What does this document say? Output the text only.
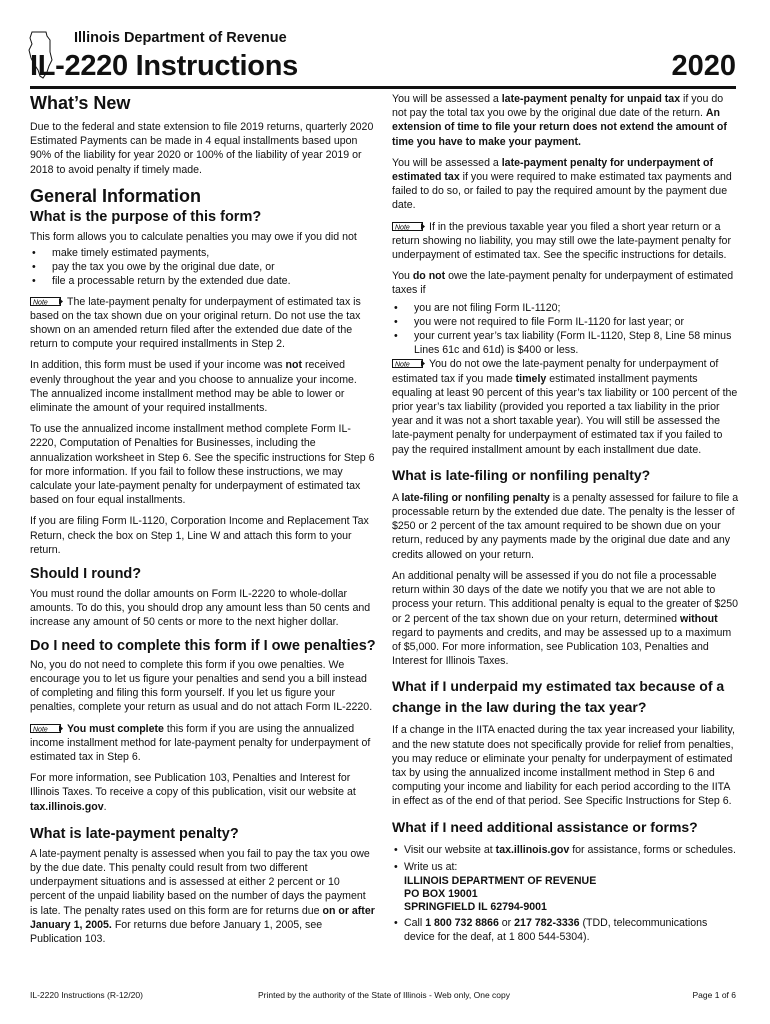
Illinois Department of Revenue
IL-2220 Instructions	2020
What’s New

Due to the federal and state extension to file 2019 returns, quarterly 2020 Estimated Payments can be made in 4 equal installments based upon 90% of the liability for year 2020 or 100% of the liability of year 2019 or 2018 to avoid penalty if timely made.

General Information
What is the purpose of this form?

This form allows you to calculate penalties you may owe if you did not

• make timely estimated payments,
• pay the tax you owe by the original due date, or
• file a processable return by the extended due date.

Note The late-payment penalty for underpayment of estimated tax is based on the tax shown due on your original return. Do not use the tax shown on an amended return filed after the extended due date of the return to compute your required installments in Step 2.

In addition, this form must be used if your income was not received evenly throughout the year and you choose to annualize your income. The annualized income installment method may be able to lower or eliminate the amount of your required installments.

To use the annualized income installment method complete Form IL-2220, Computation of Penalties for Businesses, including the annualization worksheet in Step 6. See the specific instructions for Step 6 for more information. If you fail to follow these instructions, we may calculate your late-payment penalty for underpayment of estimated tax based on four equal installments.

If you are filing Form IL-1120, Corporation Income and Replacement Tax Return, check the box on Step 1, Line W and attach this form to your return.

Should I round?

You must round the dollar amounts on Form IL-2220 to whole-dollar amounts. To do this, you should drop any amount less than 50 cents and increase any amount of 50 cents or more to the next higher dollar.

Do I need to complete this form if I owe penalties?

No, you do not need to complete this form if you owe penalties. We encourage you to let us figure your penalties and send you a bill instead of completing and filing this form yourself. If you let us figure your penalties, complete your return as usual and do not attach Form IL-2220.

Note You must complete this form if you are using the annualized income installment method for late-payment penalty for underpayment of estimated tax in Step 6.

For more information, see Publication 103, Penalties and Interest for Illinois Taxes. To receive a copy of this publication, visit our website at tax.illinois.gov.

What is late-payment penalty?

A late-payment penalty is assessed when you fail to pay the tax you owe by the due date. This penalty could result from two different underpayment situations and is assessed at either 2 percent or 10 percent of the unpaid liability based on the number of days the payment is late. The penalty rates used on this form are for returns due on or after January 1, 2005. For returns due before January 1, 2005, see Publication 103.

You will be assessed a late-payment penalty for unpaid tax if you do not pay the total tax you owe by the original due date of the return. An extension of time to file your return does not extend the amount of time you have to make your payment.

You will be assessed a late-payment penalty for underpayment of estimated tax if you were required to make estimated tax payments and failed to do so, or failed to pay the required amount by the payment due date.

Note If in the previous taxable year you filed a short year return or a return showing no liability, you may still owe the late-payment penalty for underpayment of estimated tax. See the specific instructions for details.

You do not owe the late-payment penalty for underpayment of estimated taxes if

• you are not filing Form IL-1120;
• you were not required to file Form IL-1120 for last year; or
• your current year’s tax liability (Form IL-1120, Step 8, Line 58 minus Lines 61c and 61d) is $400 or less.

Note You do not owe the late-payment penalty for underpayment of estimated tax if you made timely estimated installment payments equaling at least 90 percent of this year’s tax liability or 100 percent of the prior year’s tax liability (provided you reported a tax liability in the prior year and it was not a short taxable year). You will still be assessed the late-payment penalty for underpayment of estimated tax if you failed to pay the required installment amount by each installment due date.

What is late-filing or nonfiling penalty?

A late-filing or nonfiling penalty is a penalty assessed for failure to file a processable return by the extended due date. The penalty is the lesser of $250 or 2 percent of the tax amount required to be shown due on your return, reduced by any payments made by the original due date and any credits allowed on your return.

An additional penalty will be assessed if you do not file a processable return within 30 days of the date we notify you that we are not able to process your return. This additional penalty is equal to the greater of $250 or 2 percent of the tax shown due on your return, determined without regard to payments and credits, and may be assessed up to a maximum of $5,000. For more information, see Publication 103, Penalties and Interest for Illinois Taxes.

What if I underpaid my estimated tax because of a change in the law during the tax year?

If a change in the IITA enacted during the tax year increased your liability, and the new statute does not specifically provide for relief from penalties, you may reduce or eliminate your penalty for underpayment of estimated tax by using the annualized income installment method in Step 6 and computing your income and liability for each period according to the IITA in effect as of the end of that period. See Specific Instructions for Step 6.

What if I need additional assistance or forms?
• Visit our website at tax.illinois.gov for assistance, forms or schedules.
• Write us at:
ILLINOIS DEPARTMENT OF REVENUE
PO BOX 19001
SPRINGFIELD IL 62794-9001
• Call 1 800 732 8866 or 217 782-3336 (TDD, telecommunications device for the deaf, at 1 800 544-5304).
IL-2220 Instructions (R-12/20)	Printed by the authority of the State of Illinois - Web only, One copy	Page 1 of 6
